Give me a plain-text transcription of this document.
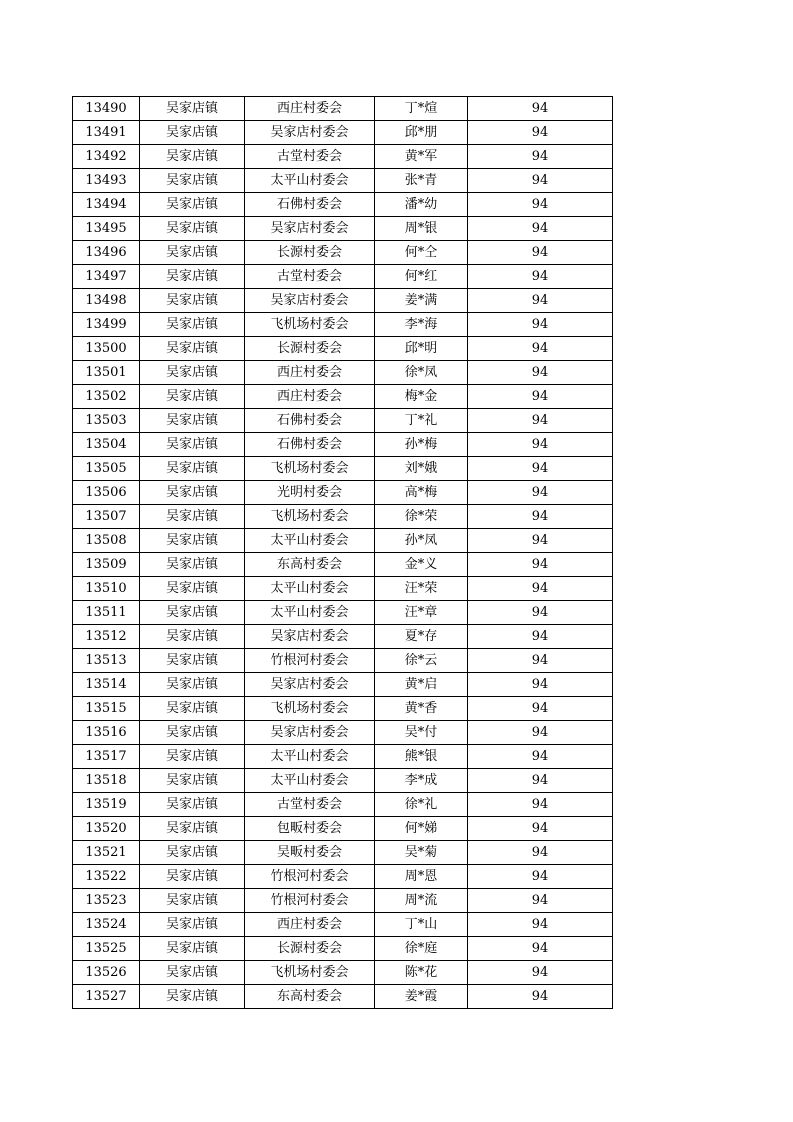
13490	吴家店镇	西庄村委会	丁*煊	94
13491	吴家店镇	吴家店村委会	邱*朋	94
13492	吴家店镇	古堂村委会	黄*军	94
13493	吴家店镇	太平山村委会	张*青	94
13494	吴家店镇	石佛村委会	潘*幼	94
13495	吴家店镇	吴家店村委会	周*银	94
13496	吴家店镇	长源村委会	何*仝	94
13497	吴家店镇	古堂村委会	何*红	94
13498	吴家店镇	吴家店村委会	姜*满	94
13499	吴家店镇	飞机场村委会	李*海	94
13500	吴家店镇	长源村委会	邱*明	94
13501	吴家店镇	西庄村委会	徐*凤	94
13502	吴家店镇	西庄村委会	梅*金	94
13503	吴家店镇	石佛村委会	丁*礼	94
13504	吴家店镇	石佛村委会	孙*梅	94
13505	吴家店镇	飞机场村委会	刘*娥	94
13506	吴家店镇	光明村委会	高*梅	94
13507	吴家店镇	飞机场村委会	徐*荣	94
13508	吴家店镇	太平山村委会	孙*凤	94
13509	吴家店镇	东高村委会	金*义	94
13510	吴家店镇	太平山村委会	汪*荣	94
13511	吴家店镇	太平山村委会	汪*章	94
13512	吴家店镇	吴家店村委会	夏*存	94
13513	吴家店镇	竹根河村委会	徐*云	94
13514	吴家店镇	吴家店村委会	黄*启	94
13515	吴家店镇	飞机场村委会	黄*香	94
13516	吴家店镇	吴家店村委会	吴*付	94
13517	吴家店镇	太平山村委会	熊*银	94
13518	吴家店镇	太平山村委会	李*成	94
13519	吴家店镇	古堂村委会	徐*礼	94
13520	吴家店镇	包畈村委会	何*娣	94
13521	吴家店镇	吴畈村委会	吴*菊	94
13522	吴家店镇	竹根河村委会	周*恩	94
13523	吴家店镇	竹根河村委会	周*流	94
13524	吴家店镇	西庄村委会	丁*山	94
13525	吴家店镇	长源村委会	徐*庭	94
13526	吴家店镇	飞机场村委会	陈*花	94
13527	吴家店镇	东高村委会	姜*霞	94
